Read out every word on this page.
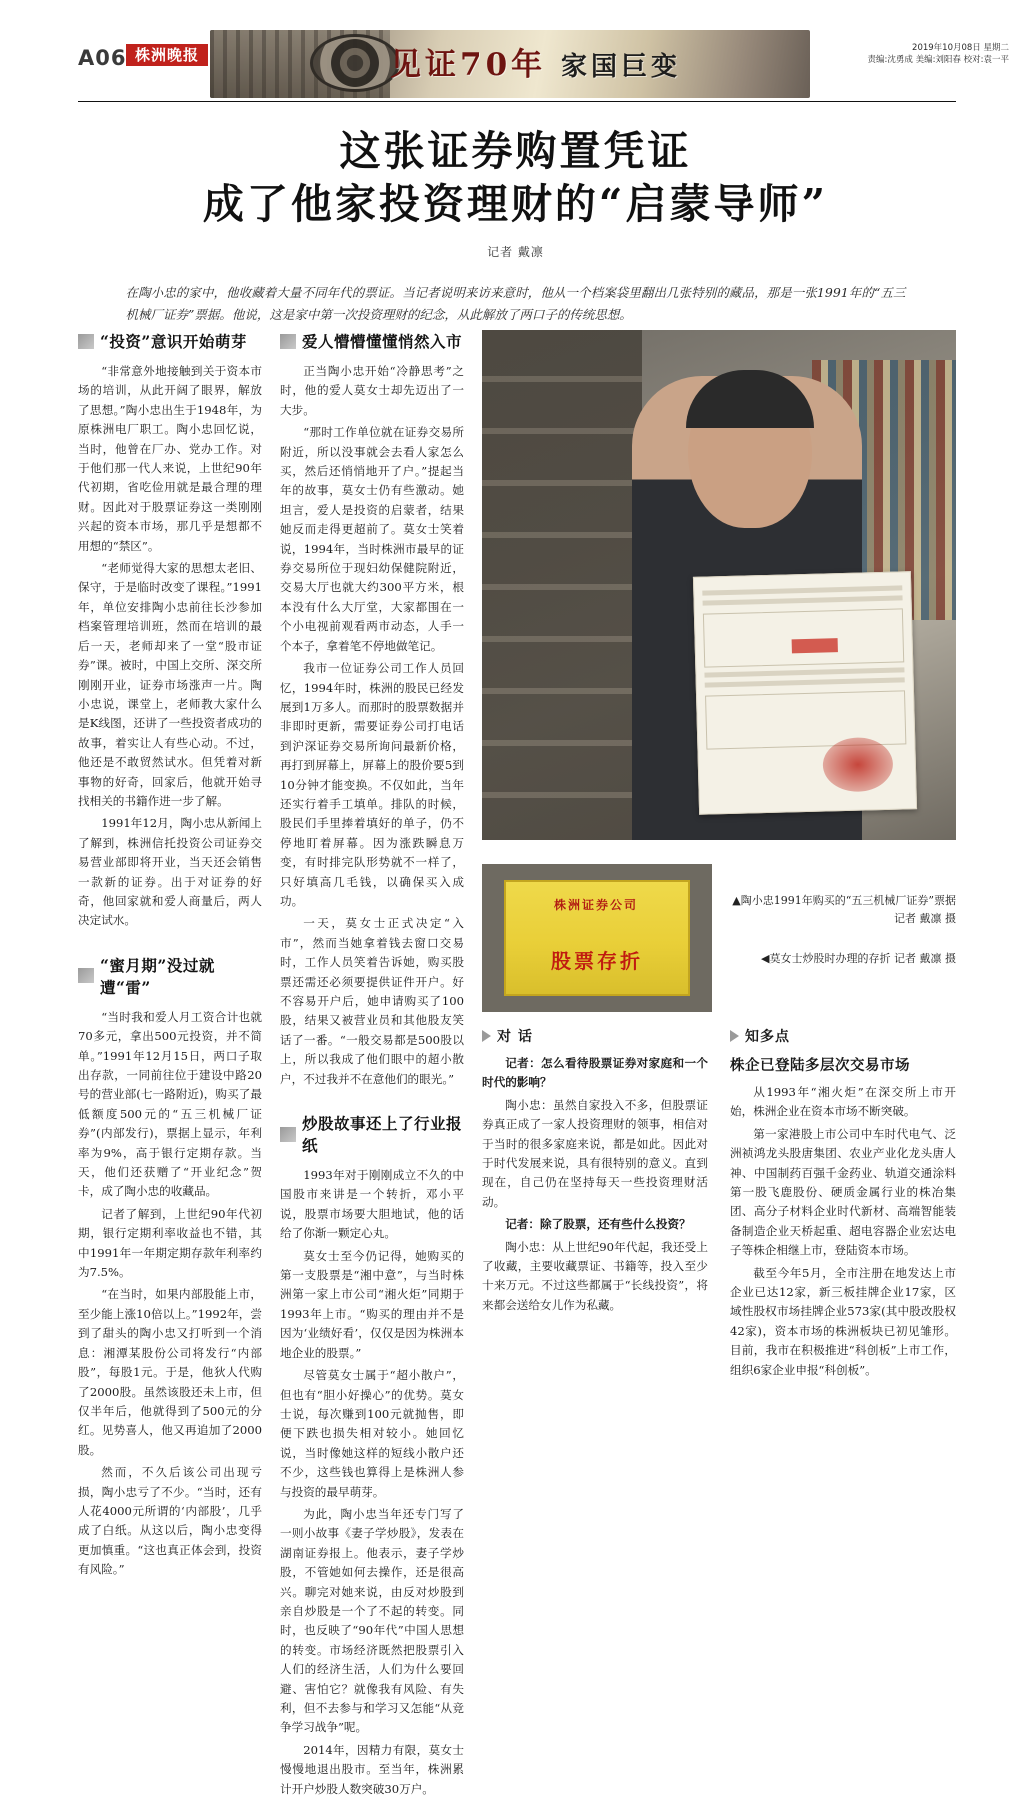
A06 株洲晚报	见证70年 家国巨变
2019年10月08日 星期二
责编:沈勇成 美编:刘阳春 校对:袁一平
这张证券购置凭证
成了他家投资理财的“启蒙导师”
记者 戴凛
在陶小忠的家中，他收藏着大量不同年代的票证。当记者说明来访来意时，他从一个档案袋里翻出几张特别的藏品，那是一张1991年的“五三机械厂证券”票据。他说，这是家中第一次投资理财的纪念，从此解放了两口子的传统思想。
“投资”意识开始萌芽

“非常意外地接触到关于资本市场的培训，从此开阔了眼界，解放了思想。”陶小忠出生于1948年，为原株洲电厂职工。陶小忠回忆说，当时，他曾在厂办、党办工作。对于他们那一代人来说，上世纪90年代初期，省吃俭用就是最合理的理财。因此对于股票证券这一类刚刚兴起的资本市场，那几乎是想都不用想的“禁区”。

“老师觉得大家的思想太老旧、保守，于是临时改变了课程。”1991年，单位安排陶小忠前往长沙参加档案管理培训班，然而在培训的最后一天，老师却来了一堂“股市证券”课。被时，中国上交所、深交所刚刚开业，证券市场涨声一片。陶小忠说，课堂上，老师教大家什么是K线图，还讲了一些投资者成功的故事，着实让人有些心动。不过，他还是不敢贸然试水。但凭着对新事物的好奇，回家后，他就开始寻找相关的书籍作进一步了解。

1991年12月，陶小忠从新闻上了解到，株洲信托投资公司证券交易营业部即将开业，当天还会销售一款新的证券。出于对证券的好奇，他回家就和爱人商量后，两人决定试水。

“蜜月期”没过就遭“雷”

“当时我和爱人月工资合计也就70多元，拿出500元投资，并不简单。”1991年12月15日，两口子取出存款，一同前往位于建设中路20号的营业部(七一路附近)，购买了最低额度500元的“五三机械厂证券”(内部发行)，票据上显示，年利率为9%，高于银行定期存款。当天，他们还获赠了“开业纪念”贺卡，成了陶小忠的收藏品。

记者了解到，上世纪90年代初期，银行定期利率收益也不错，其中1991年一年期定期存款年利率约为7.5%。

“在当时，如果内部股能上市，至少能上涨10倍以上。”1992年，尝到了甜头的陶小忠又打听到一个消息：湘潭某股份公司将发行“内部股”，每股1元。于是，他狄人代购了2000股。虽然该股还未上市，但仅半年后，他就得到了500元的分红。见势喜人，他又再追加了2000股。

然而，不久后该公司出现亏损，陶小忠亏了不少。“当时，还有人花4000元所谓的‘内部股’，几乎成了白纸。从这以后，陶小忠变得更加慎重。“这也真正体会到，投资有风险。”

爱人懵懵懂懂悄然入市

正当陶小忠开始“冷静思考”之时，他的爱人莫女士却先迈出了一大步。

“那时工作单位就在证券交易所附近，所以没事就会去看人家怎么买，然后还悄悄地开了户。”提起当年的故事，莫女士仍有些激动。她坦言，爱人是投资的启蒙者，结果她反而走得更超前了。莫女士笑着说，1994年，当时株洲市最早的证券交易所位于现妇幼保健院附近，交易大厅也就大约300平方米，根本没有什么大厅堂，大家都围在一个小电视前观看两市动态，人手一个本子，拿着笔不停地做笔记。

我市一位证券公司工作人员回忆，1994年时，株洲的股民已经发展到1万多人。而那时的股票数据并非即时更新，需要证券公司打电话到沪深证券交易所询问最新价格，再打到屏幕上，屏幕上的股价要5到10分钟才能变换。不仅如此，当年还实行着手工填单。排队的时候，股民们手里捧着填好的单子，仍不停地盯着屏幕。因为涨跌瞬息万变，有时排完队形势就不一样了，只好填高几毛钱，以确保买入成功。

一天，莫女士正式决定“入市”，然而当她拿着钱去窗口交易时，工作人员笑着告诉她，购买股票还需还必须要提供证件开户。好不容易开户后，她申请购买了100股，结果又被营业员和其他股友笑话了一番。“一般交易都是500股以上，所以我成了他们眼中的超小散户，不过我并不在意他们的眼光。”

炒股故事还上了行业报纸

1993年对于刚刚成立不久的中国股市来讲是一个转折，邓小平说，股票市场要大胆地试，他的话给了你渐一颗定心丸。

莫女士至今仍记得，她购买的第一支股票是“湘中意”，与当时株洲第一家上市公司“湘火炬”同期于1993年上市。“购买的理由并不是因为‘业绩好看’，仅仅是因为株洲本地企业的股票。”

尽管莫女士属于“超小散户”，但也有“胆小好操心”的优势。莫女士说，每次赚到100元就抛售，即便下跌也损失相对较小。她回忆说，当时像她这样的短线小散户还不少，这些钱也算得上是株洲人参与投资的最早萌芽。

为此，陶小忠当年还专门写了一则小故事《妻子学炒股》，发表在湖南证券报上。他表示，妻子学炒股，不管她如何去操作，还是很高兴。聊完对她来说，由反对炒股到亲自炒股是一个了不起的转变。同时，也反映了“90年代”中国人思想的转变。市场经济既然把股票引入人们的经济生活，人们为什么要回避、害怕它？就像我有风险、有失利，但不去参与和学习又怎能“从竞争学习战争”呢。

2014年，因精力有限，莫女士慢慢地退出股市。至当年，株洲累计开户炒股人数突破30万户。

株洲证券公司
股票存折
▲陶小忠1991年购买的“五三机械厂证券”票据 记者 戴凛 摄
◀莫女士炒股时办理的存折 记者 戴凛 摄
对 话

记者：怎么看待股票证券对家庭和一个时代的影响？

陶小忠：虽然自家投入不多，但股票证券真正成了一家人投资理财的领事，相信对于当时的很多家庭来说，都是如此。因此对于时代发展来说，具有很特别的意义。直到现在，自己仍在坚持每天一些投资理财活动。

记者：除了股票，还有些什么投资？

陶小忠：从上世纪90年代起，我还受上了收藏，主要收藏票证、书籍等，投入至少十来万元。不过这些都属于“长线投资”，将来都会送给女儿作为私藏。

知多点
株企已登陆多层次交易市场

从1993年“湘火炬”在深交所上市开始，株洲企业在资本市场不断突破。

第一家港股上市公司中车时代电气、泛洲祯鸿龙头股唐集团、农业产业化龙头唐人神、中国制药百强千金药业、轨道交通涂料第一股飞鹿股份、硬质金属行业的株冶集团、高分子材料企业时代新材、高端智能装备制造企业天桥起重、超电容器企业宏达电子等株企相继上市，登陆资本市场。

截至今年5月，全市注册在地发达上市企业已达12家，新三板挂牌企业17家，区域性股权市场挂牌企业573家(其中股改股权42家)，资本市场的株洲板块已初见雏形。目前，我市在积极推进“科创板”上市工作，组织6家企业申报“科创板”。
